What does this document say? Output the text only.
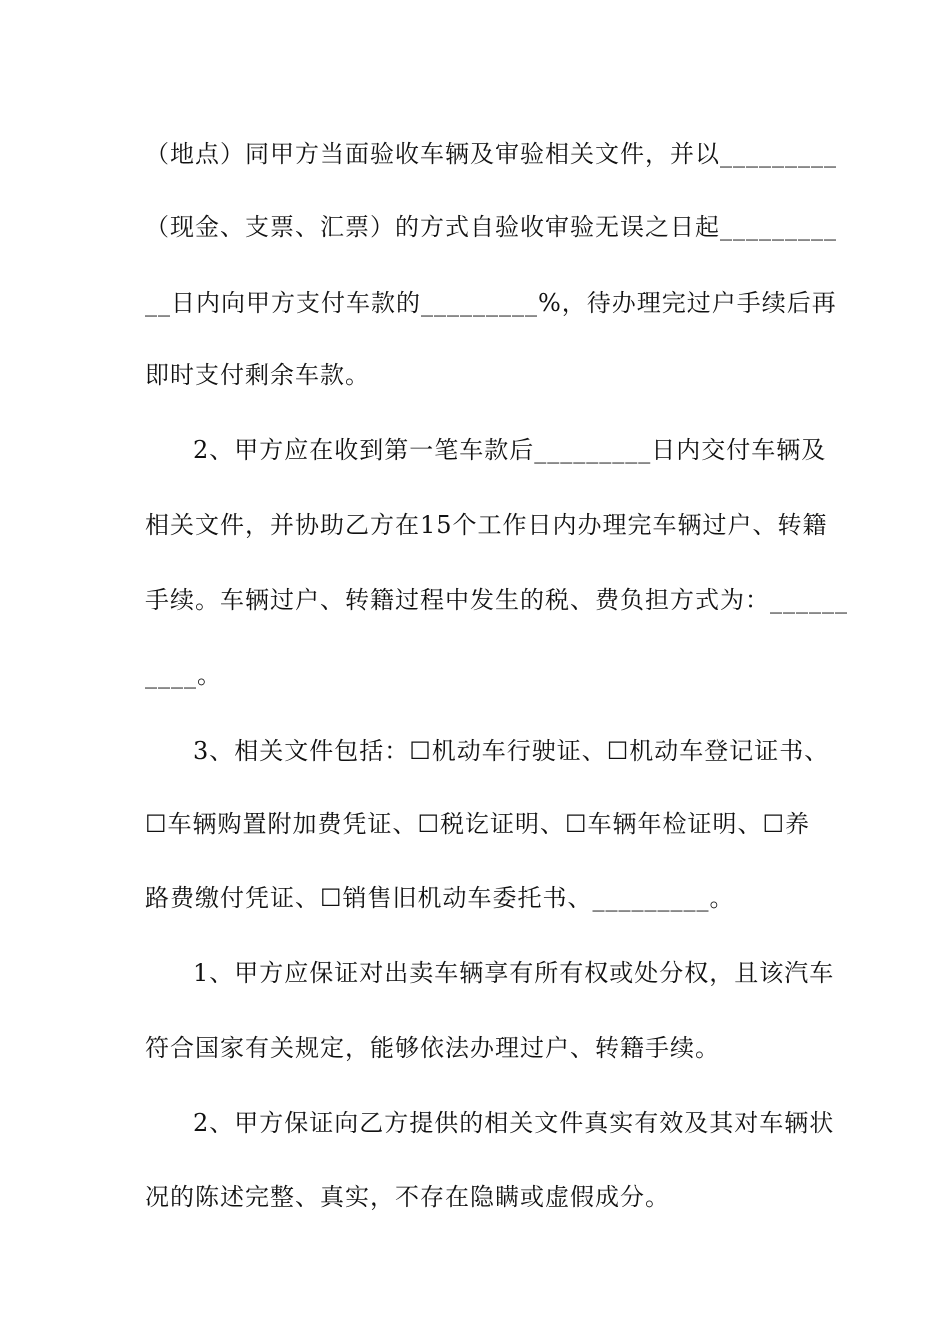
（地点）同甲方当面验收车辆及审验相关文件，并以_________
（现金、支票、汇票）的方式自验收审验无误之日起_________
__日内向甲方支付车款的_________%，待办理完过户手续后再
即时支付剩余车款。
2、甲方应在收到第一笔车款后_________日内交付车辆及
相关文件，并协助乙方在15个工作日内办理完车辆过户、转籍
手续。车辆过户、转籍过程中发生的税、费负担方式为：______
____。
3、相关文件包括：☐机动车行驶证、☐机动车登记证书、
☐车辆购置附加费凭证、☐税讫证明、☐车辆年检证明、☐养
路费缴付凭证、☐销售旧机动车委托书、_________。
1、甲方应保证对出卖车辆享有所有权或处分权，且该汽车
符合国家有关规定，能够依法办理过户、转籍手续。
2、甲方保证向乙方提供的相关文件真实有效及其对车辆状
况的陈述完整、真实，不存在隐瞒或虚假成分。
